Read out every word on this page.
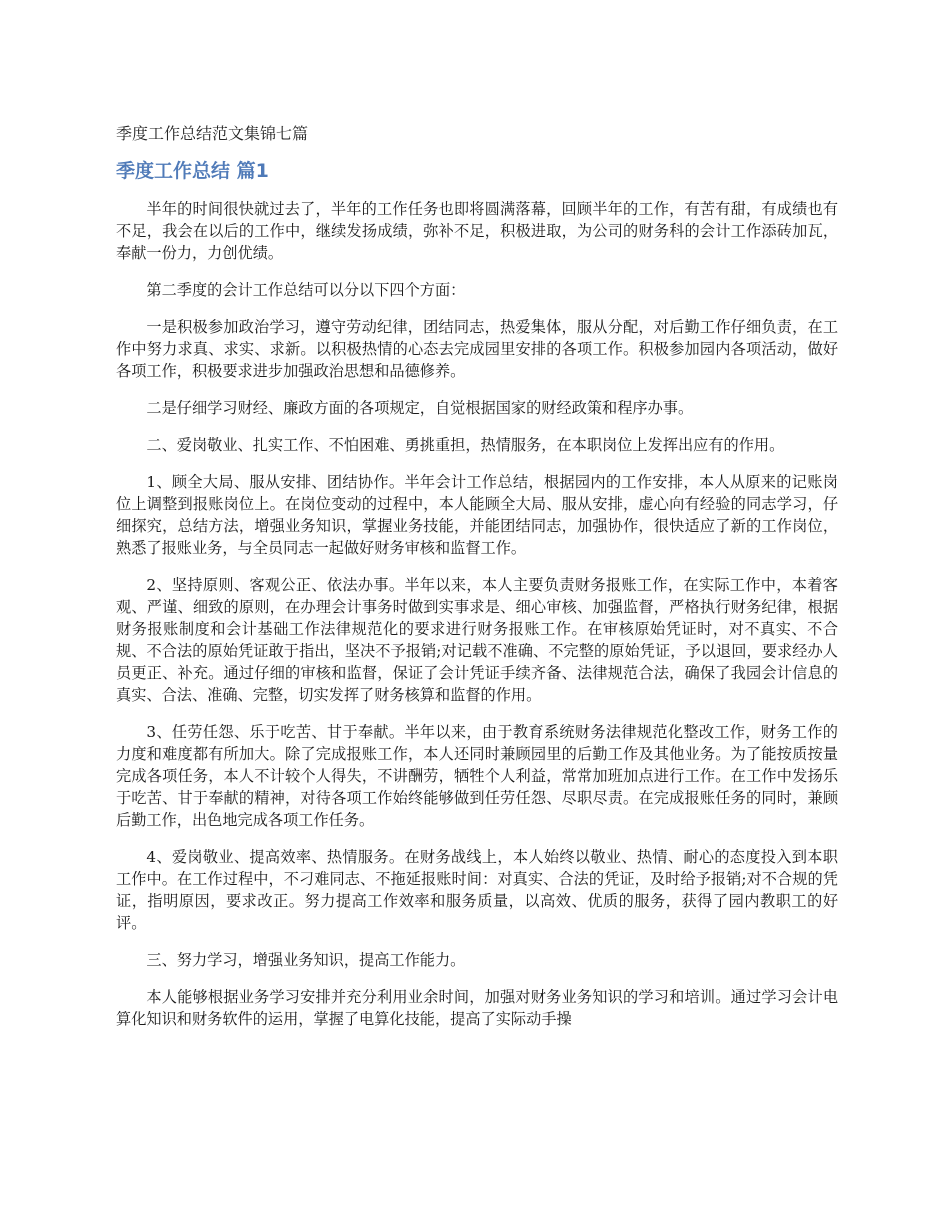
季度工作总结范文集锦七篇
季度工作总结 篇1

半年的时间很快就过去了，半年的工作任务也即将圆满落幕，回顾半年的工作，有苦有甜，有成绩也有不足，我会在以后的工作中，继续发扬成绩，弥补不足，积极进取，为公司的财务科的会计工作添砖加瓦，奉献一份力，力创优绩。

第二季度的会计工作总结可以分以下四个方面：

一是积极参加政治学习，遵守劳动纪律，团结同志，热爱集体，服从分配，对后勤工作仔细负责，在工作中努力求真、求实、求新。以积极热情的心态去完成园里安排的各项工作。积极参加园内各项活动，做好各项工作，积极要求进步加强政治思想和品德修养。

二是仔细学习财经、廉政方面的各项规定，自觉根据国家的财经政策和程序办事。

二、爱岗敬业、扎实工作、不怕困难、勇挑重担，热情服务，在本职岗位上发挥出应有的作用。

1、顾全大局、服从安排、团结协作。半年会计工作总结，根据园内的工作安排，本人从原来的记账岗位上调整到报账岗位上。在岗位变动的过程中，本人能顾全大局、服从安排，虚心向有经验的同志学习，仔细探究，总结方法，增强业务知识，掌握业务技能，并能团结同志，加强协作，很快适应了新的工作岗位，熟悉了报账业务，与全员同志一起做好财务审核和监督工作。

2、坚持原则、客观公正、依法办事。半年以来，本人主要负责财务报账工作，在实际工作中，本着客观、严谨、细致的原则，在办理会计事务时做到实事求是、细心审核、加强监督，严格执行财务纪律，根据财务报账制度和会计基础工作法律规范化的要求进行财务报账工作。在审核原始凭证时，对不真实、不合规、不合法的原始凭证敢于指出，坚决不予报销;对记载不准确、不完整的原始凭证，予以退回，要求经办人员更正、补充。通过仔细的审核和监督，保证了会计凭证手续齐备、法律规范合法，确保了我园会计信息的真实、合法、准确、完整，切实发挥了财务核算和监督的作用。

3、任劳任怨、乐于吃苦、甘于奉献。半年以来，由于教育系统财务法律规范化整改工作，财务工作的力度和难度都有所加大。除了完成报账工作，本人还同时兼顾园里的后勤工作及其他业务。为了能按质按量完成各项任务，本人不计较个人得失，不讲酬劳，牺牲个人利益，常常加班加点进行工作。在工作中发扬乐于吃苦、甘于奉献的精神，对待各项工作始终能够做到任劳任怨、尽职尽责。在完成报账任务的同时，兼顾后勤工作，出色地完成各项工作任务。

4、爱岗敬业、提高效率、热情服务。在财务战线上，本人始终以敬业、热情、耐心的态度投入到本职工作中。在工作过程中，不刁难同志、不拖延报账时间：对真实、合法的凭证，及时给予报销;对不合规的凭证，指明原因，要求改正。努力提高工作效率和服务质量，以高效、优质的服务，获得了园内教职工的好评。

三、努力学习，增强业务知识，提高工作能力。

本人能够根据业务学习安排并充分利用业余时间，加强对财务业务知识的学习和培训。通过学习会计电算化知识和财务软件的运用，掌握了电算化技能，提高了实际动手操
